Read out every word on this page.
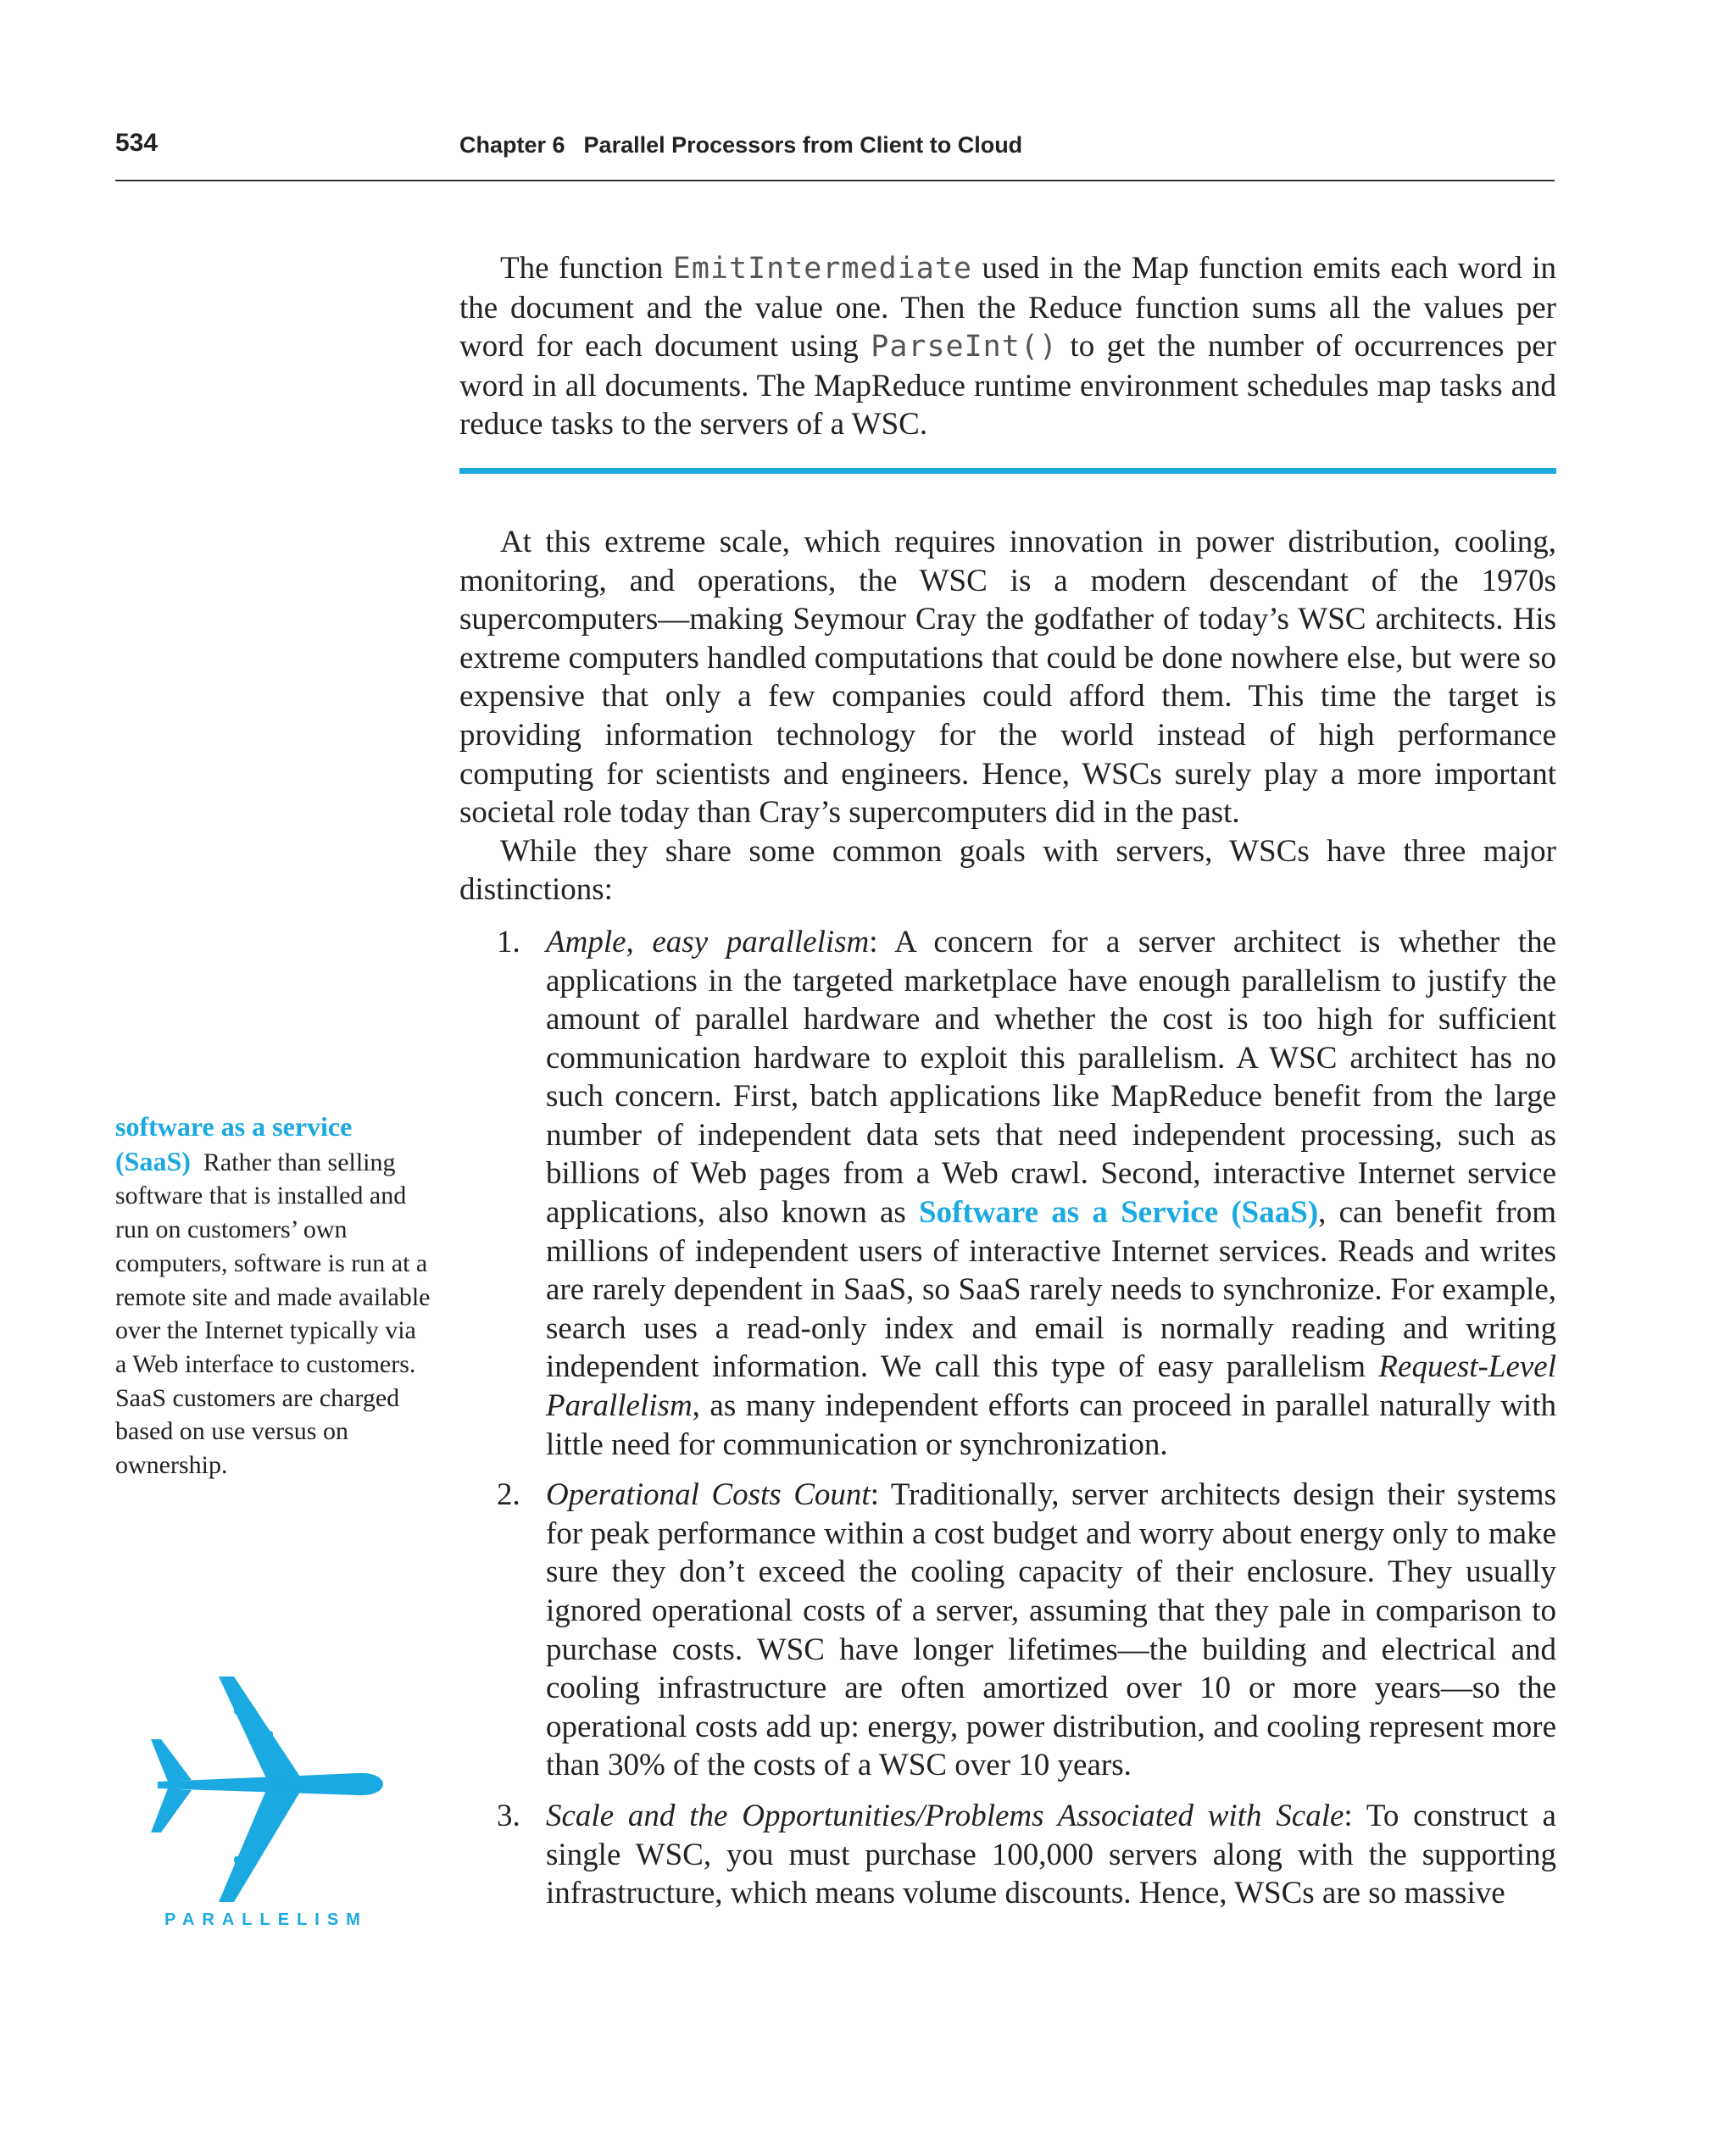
534	Chapter 6 Parallel Processors from Client to Cloud

The function EmitIntermediate used in the Map function emits each word in the document and the value one. Then the Reduce function sums all the values per word for each document using ParseInt() to get the number of occurrences per word in all documents. The MapReduce runtime environment schedules map tasks and reduce tasks to the servers of a WSC.

At this extreme scale, which requires innovation in power distribution, cooling, monitoring, and operations, the WSC is a modern descendant of the 1970s supercomputers—making Seymour Cray the godfather of today’s WSC architects. His extreme computers handled computations that could be done nowhere else, but were so expensive that only a few companies could afford them. This time the target is providing information technology for the world instead of high performance computing for scientists and engineers. Hence, WSCs surely play a more important societal role today than Cray’s supercomputers did in the past.

While they share some common goals with servers, WSCs have three major distinctions:

1. Ample, easy parallelism: A concern for a server architect is whether the applications in the targeted marketplace have enough parallelism to justify the amount of parallel hardware and whether the cost is too high for sufficient communication hardware to exploit this parallelism. A WSC architect has no such concern. First, batch applications like MapReduce benefit from the large number of independent data sets that need independent processing, such as billions of Web pages from a Web crawl. Second, interactive Internet service applications, also known as Software as a Service (SaaS), can benefit from millions of independent users of interactive Internet services. Reads and writes are rarely dependent in SaaS, so SaaS rarely needs to synchronize. For example, search uses a read-only index and email is normally reading and writing independent information. We call this type of easy parallelism Request-Level Parallelism, as many independent efforts can proceed in parallel naturally with little need for communication or synchronization.
2. Operational Costs Count: Traditionally, server architects design their systems for peak performance within a cost budget and worry about energy only to make sure they don’t exceed the cooling capacity of their enclosure. They usually ignored operational costs of a server, assuming that they pale in comparison to purchase costs. WSC have longer lifetimes—the building and electrical and cooling infrastructure are often amortized over 10 or more years—so the operational costs add up: energy, power distribution, and cooling represent more than 30% of the costs of a WSC over 10 years.
3. Scale and the Opportunities/Problems Associated with Scale: To construct a single WSC, you must purchase 100,000 servers along with the supporting infrastructure, which means volume discounts. Hence, WSCs are so massive
software as a service (SaaS) Rather than selling software that is installed and run on customers’ own computers, software is run at a remote site and made available over the Internet typically via a Web interface to customers. SaaS customers are charged based on use versus on ownership.
PARALLELISM
